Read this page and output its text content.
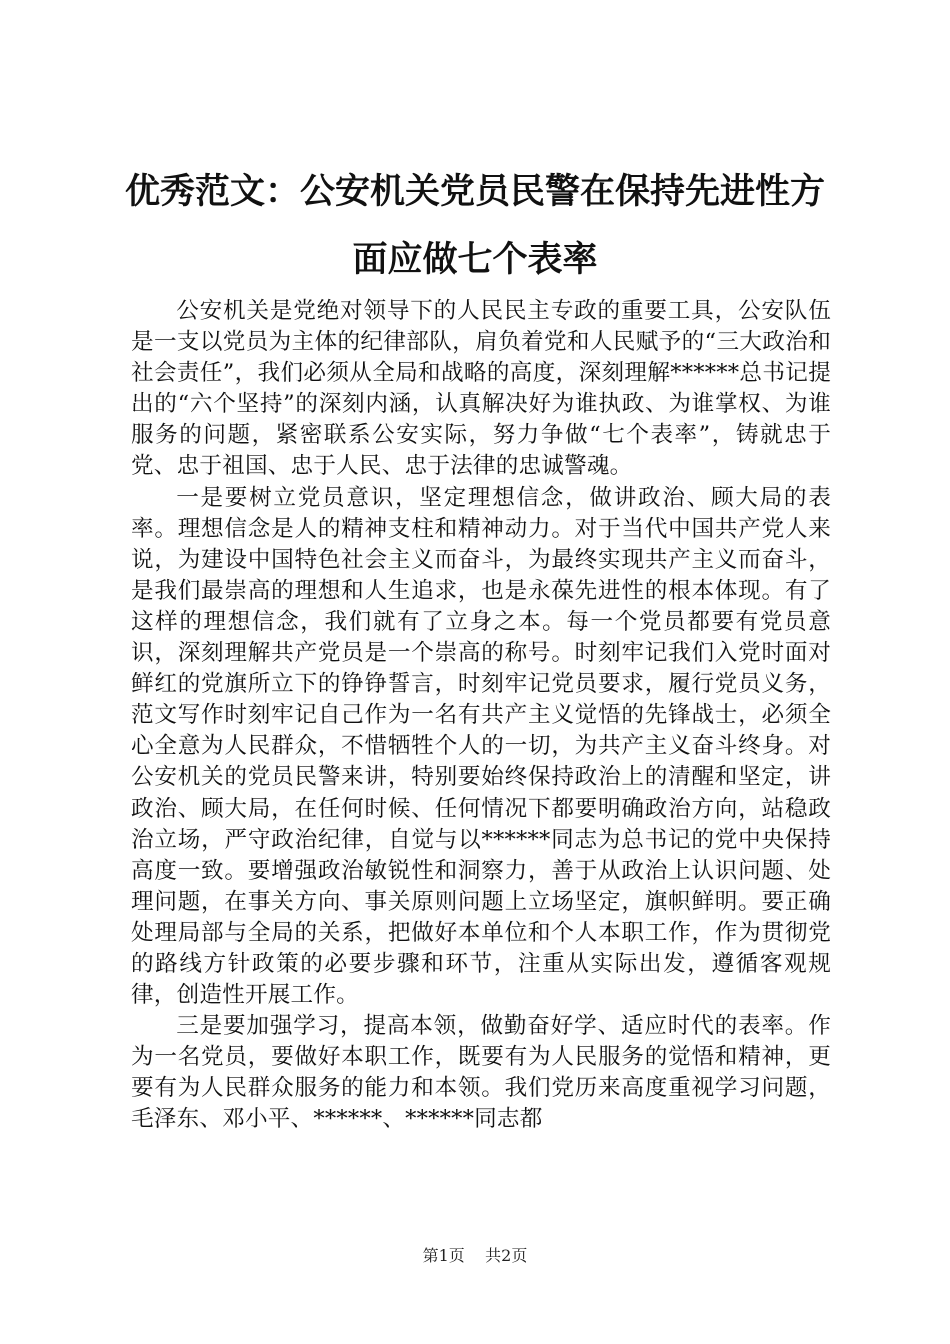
优秀范文：公安机关党员民警在保持先进性方面应做七个表率

公安机关是党绝对领导下的人民民主专政的重要工具，公安队伍是一支以党员为主体的纪律部队，肩负着党和人民赋予的“三大政治和社会责任”，我们必须从全局和战略的高度，深刻理解******总书记提出的“六个坚持”的深刻内涵，认真解决好为谁执政、为谁掌权、为谁服务的问题，紧密联系公安实际，努力争做“七个表率”，铸就忠于党、忠于祖国、忠于人民、忠于法律的忠诚警魂。

一是要树立党员意识，坚定理想信念，做讲政治、顾大局的表率。理想信念是人的精神支柱和精神动力。对于当代中国共产党人来说，为建设中国特色社会主义而奋斗，为最终实现共产主义而奋斗，是我们最崇高的理想和人生追求，也是永葆先进性的根本体现。有了这样的理想信念，我们就有了立身之本。每一个党员都要有党员意识，深刻理解共产党员是一个崇高的称号。时刻牢记我们入党时面对鲜红的党旗所立下的铮铮誓言，时刻牢记党员要求，履行党员义务，范文写作时刻牢记自己作为一名有共产主义觉悟的先锋战士，必须全心全意为人民群众，不惜牺牲个人的一切，为共产主义奋斗终身。对公安机关的党员民警来讲，特别要始终保持政治上的清醒和坚定，讲政治、顾大局，在任何时候、任何情况下都要明确政治方向，站稳政治立场，严守政治纪律，自觉与以******同志为总书记的党中央保持高度一致。要增强政治敏锐性和洞察力，善于从政治上认识问题、处理问题，在事关方向、事关原则问题上立场坚定，旗帜鲜明。要正确处理局部与全局的关系，把做好本单位和个人本职工作，作为贯彻党的路线方针政策的必要步骤和环节，注重从实际出发，遵循客观规律，创造性开展工作。

三是要加强学习，提高本领，做勤奋好学、适应时代的表率。作为一名党员，要做好本职工作，既要有为人民服务的觉悟和精神，更要有为人民群众服务的能力和本领。我们党历来高度重视学习问题，毛泽东、邓小平、******、******同志都

第1页 共2页
